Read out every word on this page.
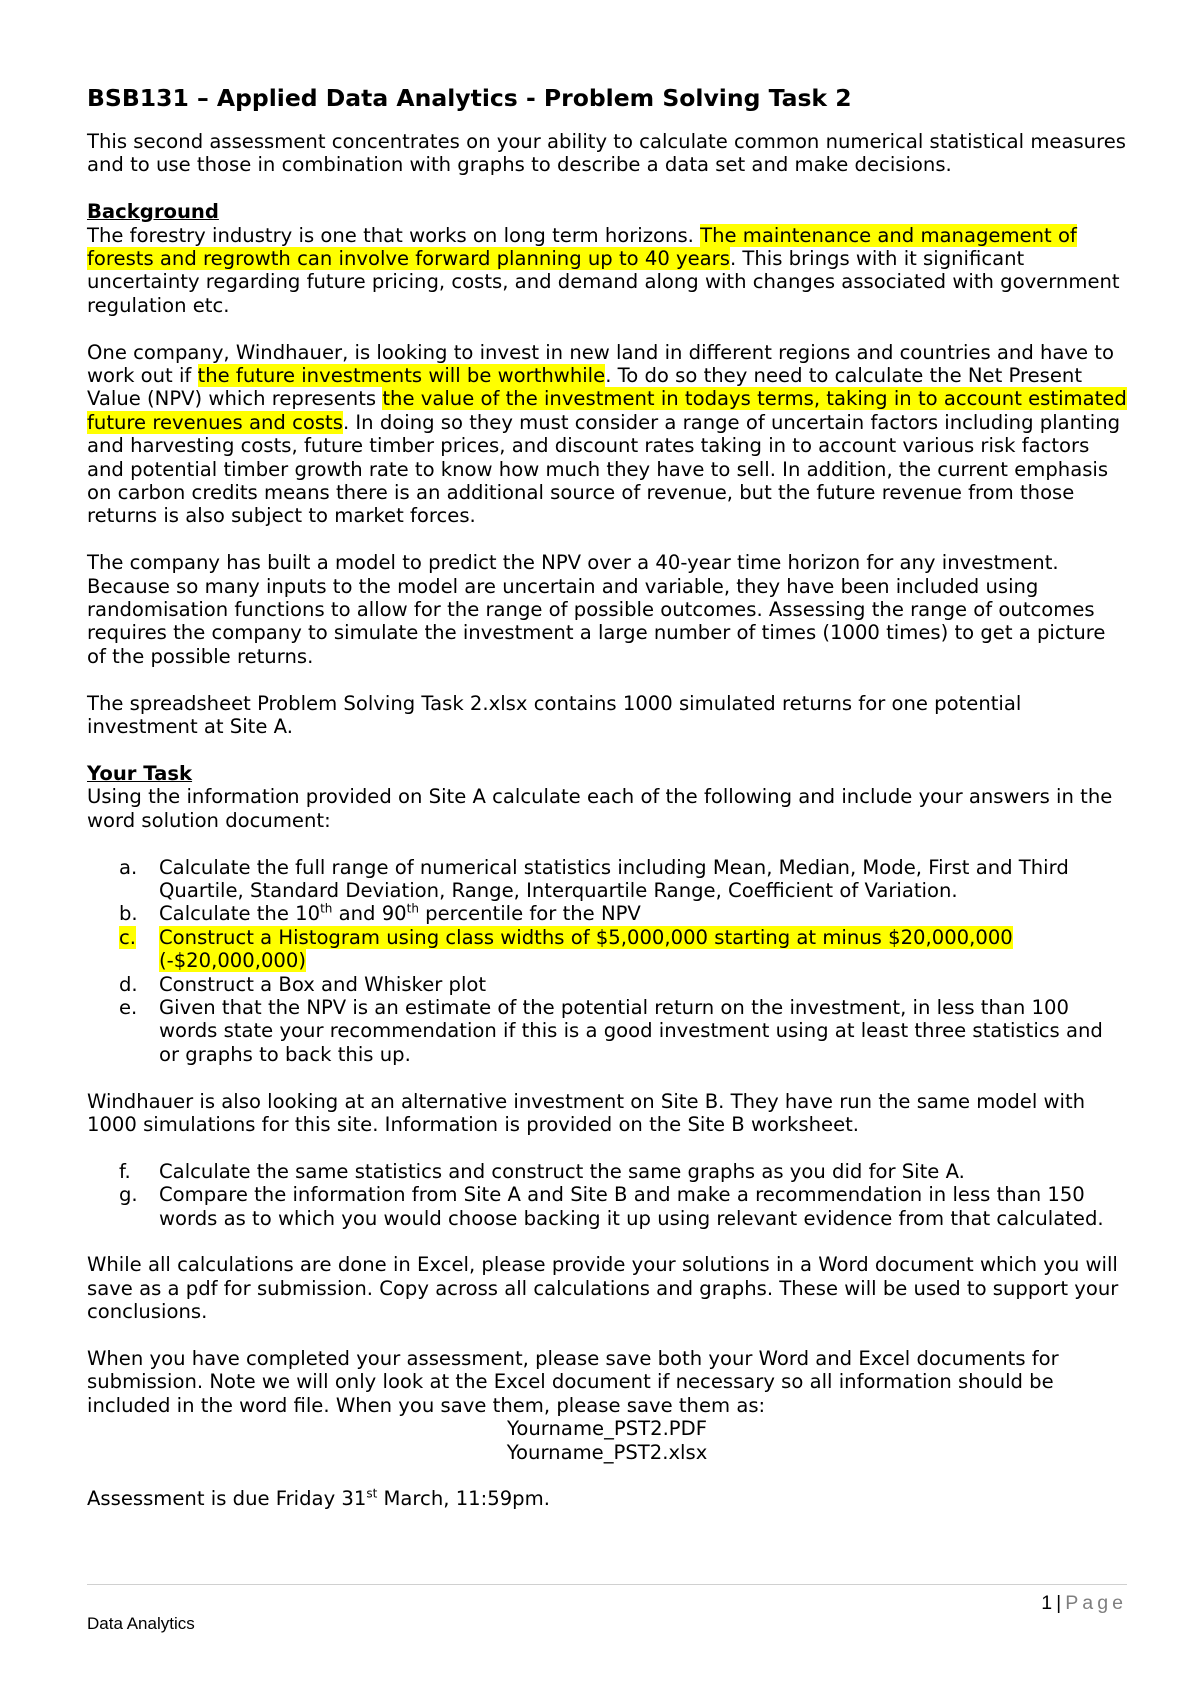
BSB131 – Applied Data Analytics - Problem Solving Task 2

This second assessment concentrates on your ability to calculate common numerical statistical measures and to use those in combination with graphs to describe a data set and make decisions.

Background
The forestry industry is one that works on long term horizons. The maintenance and management of forests and regrowth can involve forward planning up to 40 years. This brings with it significant uncertainty regarding future pricing, costs, and demand along with changes associated with government regulation etc.

One company, Windhauer, is looking to invest in new land in different regions and countries and have to work out if the future investments will be worthwhile. To do so they need to calculate the Net Present Value (NPV) which represents the value of the investment in todays terms, taking in to account estimated future revenues and costs. In doing so they must consider a range of uncertain factors including planting and harvesting costs, future timber prices, and discount rates taking in to account various risk factors and potential timber growth rate to know how much they have to sell. In addition, the current emphasis on carbon credits means there is an additional source of revenue, but the future revenue from those returns is also subject to market forces.

The company has built a model to predict the NPV over a 40-year time horizon for any investment. Because so many inputs to the model are uncertain and variable, they have been included using randomisation functions to allow for the range of possible outcomes. Assessing the range of outcomes requires the company to simulate the investment a large number of times (1000 times) to get a picture of the possible returns.

The spreadsheet Problem Solving Task 2.xlsx contains 1000 simulated returns for one potential investment at Site A.

Your Task
Using the information provided on Site A calculate each of the following and include your answers in the word solution document:

a. Calculate the full range of numerical statistics including Mean, Median, Mode, First and Third Quartile, Standard Deviation, Range, Interquartile Range, Coefficient of Variation.
b. Calculate the 10th and 90th percentile for the NPV
c. Construct a Histogram using class widths of $5,000,000 starting at minus $20,000,000 (-$20,000,000)
d. Construct a Box and Whisker plot
e. Given that the NPV is an estimate of the potential return on the investment, in less than 100 words state your recommendation if this is a good investment using at least three statistics and or graphs to back this up.

Windhauer is also looking at an alternative investment on Site B. They have run the same model with 1000 simulations for this site. Information is provided on the Site B worksheet.

f. Calculate the same statistics and construct the same graphs as you did for Site A.
g. Compare the information from Site A and Site B and make a recommendation in less than 150 words as to which you would choose backing it up using relevant evidence from that calculated.

While all calculations are done in Excel, please provide your solutions in a Word document which you will save as a pdf for submission. Copy across all calculations and graphs. These will be used to support your conclusions.

When you have completed your assessment, please save both your Word and Excel documents for submission. Note we will only look at the Excel document if necessary so all information should be included in the word file. When you save them, please save them as:
Yourname_PST2.PDF
Yourname_PST2.xlsx

Assessment is due Friday 31st March, 11:59pm.

1 | Page
Data Analytics
